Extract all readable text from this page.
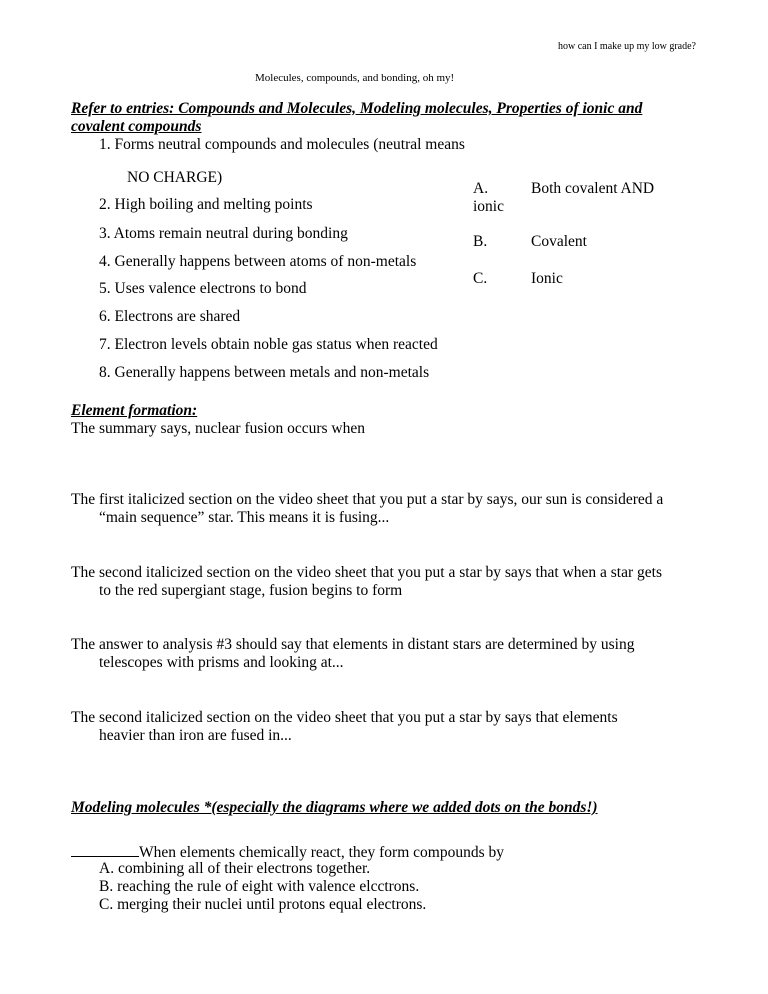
how can I make up my low grade?
Molecules, compounds, and bonding, oh my!
Refer to entries: Compounds and Molecules, Modeling molecules, Properties of ionic and
covalent compounds
1. Forms neutral compounds and molecules (neutral means
NO CHARGE)
2. High boiling and melting points
3. Atoms remain neutral during bonding
4. Generally happens between atoms of non-metals
5. Uses valence electrons to bond
6. Electrons are shared
7. Electron levels obtain noble gas status when reacted
8. Generally happens between metals and non-metals
A.	Both covalent AND
ionic
B.	Covalent
C.	Ionic
Element formation:
The summary says, nuclear fusion occurs when
The first italicized section on the video sheet that you put a star by says, our sun is considered a
“main sequence” star. This means it is fusing...
The second italicized section on the video sheet that you put a star by says that when a star gets
to the red supergiant stage, fusion begins to form
The answer to analysis #3 should say that elements in distant stars are determined by using
telescopes with prisms and looking at...
The second italicized section on the video sheet that you put a star by says that elements
heavier than iron are fused in...
Modeling molecules *(especially the diagrams where we added dots on the bonds!)
When elements chemically react, they form compounds by
A. combining all of their electrons together.
B. reaching the rule of eight with valence elcctrons.
C. merging their nuclei until protons equal electrons.
